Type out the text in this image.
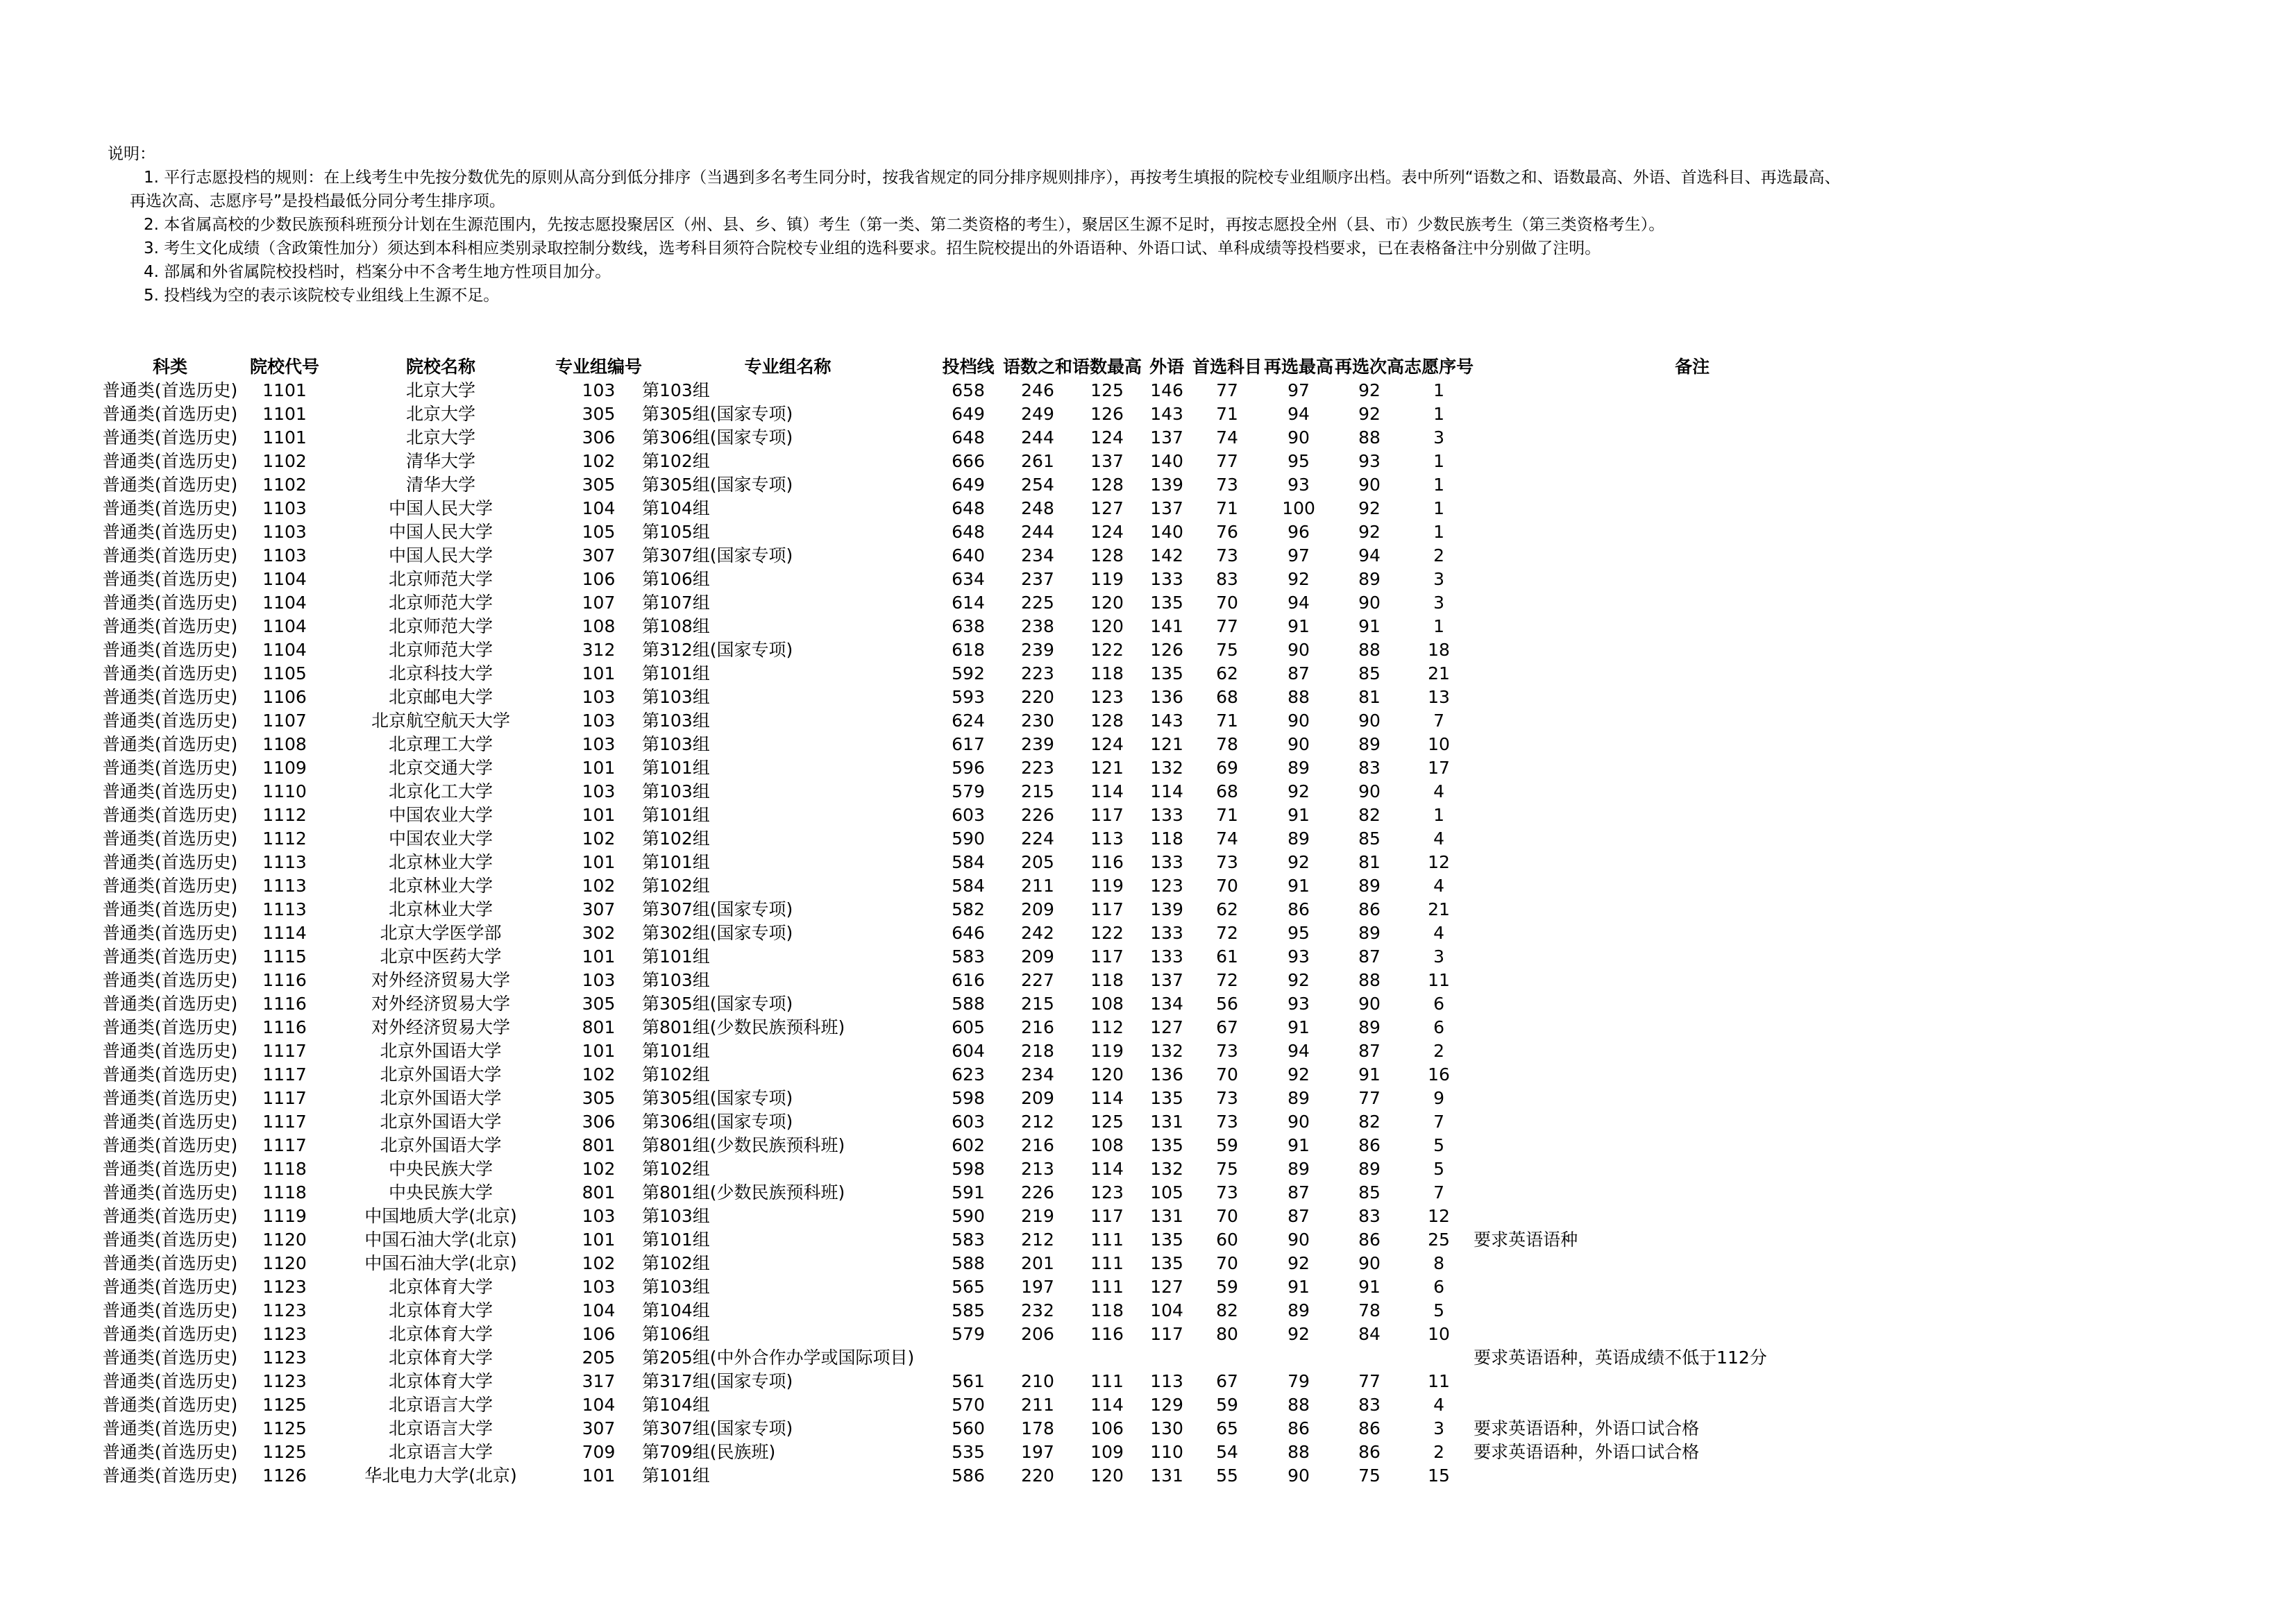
说明：
1. 平行志愿投档的规则：在上线考生中先按分数优先的原则从高分到低分排序（当遇到多名考生同分时，按我省规定的同分排序规则排序），再按考生填报的院校专业组顺序出档。表中所列“语数之和、语数最高、外语、首选科目、再选最高、
再选次高、志愿序号”是投档最低分同分考生排序项。
2. 本省属高校的少数民族预科班预分计划在生源范围内，先按志愿投聚居区（州、县、乡、镇）考生（第一类、第二类资格的考生），聚居区生源不足时，再按志愿投全州（县、市）少数民族考生（第三类资格考生）。
3. 考生文化成绩（含政策性加分）须达到本科相应类别录取控制分数线，选考科目须符合院校专业组的选科要求。招生院校提出的外语语种、外语口试、单科成绩等投档要求，已在表格备注中分别做了注明。
4. 部属和外省属院校投档时，档案分中不含考生地方性项目加分。
5. 投档线为空的表示该院校专业组线上生源不足。
科类	院校代号	院校名称	专业组编号	专业组名称	投档线	语数之和	语数最高	外语	首选科目	再选最高	再选次高	志愿序号	备注
普通类(首选历史)	1101	北京大学	103	第103组	658	246	125	146	77	97	92	1	
普通类(首选历史)	1101	北京大学	305	第305组(国家专项)	649	249	126	143	71	94	92	1	
普通类(首选历史)	1101	北京大学	306	第306组(国家专项)	648	244	124	137	74	90	88	3	
普通类(首选历史)	1102	清华大学	102	第102组	666	261	137	140	77	95	93	1	
普通类(首选历史)	1102	清华大学	305	第305组(国家专项)	649	254	128	139	73	93	90	1	
普通类(首选历史)	1103	中国人民大学	104	第104组	648	248	127	137	71	100	92	1	
普通类(首选历史)	1103	中国人民大学	105	第105组	648	244	124	140	76	96	92	1	
普通类(首选历史)	1103	中国人民大学	307	第307组(国家专项)	640	234	128	142	73	97	94	2	
普通类(首选历史)	1104	北京师范大学	106	第106组	634	237	119	133	83	92	89	3	
普通类(首选历史)	1104	北京师范大学	107	第107组	614	225	120	135	70	94	90	3	
普通类(首选历史)	1104	北京师范大学	108	第108组	638	238	120	141	77	91	91	1	
普通类(首选历史)	1104	北京师范大学	312	第312组(国家专项)	618	239	122	126	75	90	88	18	
普通类(首选历史)	1105	北京科技大学	101	第101组	592	223	118	135	62	87	85	21	
普通类(首选历史)	1106	北京邮电大学	103	第103组	593	220	123	136	68	88	81	13	
普通类(首选历史)	1107	北京航空航天大学	103	第103组	624	230	128	143	71	90	90	7	
普通类(首选历史)	1108	北京理工大学	103	第103组	617	239	124	121	78	90	89	10	
普通类(首选历史)	1109	北京交通大学	101	第101组	596	223	121	132	69	89	83	17	
普通类(首选历史)	1110	北京化工大学	103	第103组	579	215	114	114	68	92	90	4	
普通类(首选历史)	1112	中国农业大学	101	第101组	603	226	117	133	71	91	82	1	
普通类(首选历史)	1112	中国农业大学	102	第102组	590	224	113	118	74	89	85	4	
普通类(首选历史)	1113	北京林业大学	101	第101组	584	205	116	133	73	92	81	12	
普通类(首选历史)	1113	北京林业大学	102	第102组	584	211	119	123	70	91	89	4	
普通类(首选历史)	1113	北京林业大学	307	第307组(国家专项)	582	209	117	139	62	86	86	21	
普通类(首选历史)	1114	北京大学医学部	302	第302组(国家专项)	646	242	122	133	72	95	89	4	
普通类(首选历史)	1115	北京中医药大学	101	第101组	583	209	117	133	61	93	87	3	
普通类(首选历史)	1116	对外经济贸易大学	103	第103组	616	227	118	137	72	92	88	11	
普通类(首选历史)	1116	对外经济贸易大学	305	第305组(国家专项)	588	215	108	134	56	93	90	6	
普通类(首选历史)	1116	对外经济贸易大学	801	第801组(少数民族预科班)	605	216	112	127	67	91	89	6	
普通类(首选历史)	1117	北京外国语大学	101	第101组	604	218	119	132	73	94	87	2	
普通类(首选历史)	1117	北京外国语大学	102	第102组	623	234	120	136	70	92	91	16	
普通类(首选历史)	1117	北京外国语大学	305	第305组(国家专项)	598	209	114	135	73	89	77	9	
普通类(首选历史)	1117	北京外国语大学	306	第306组(国家专项)	603	212	125	131	73	90	82	7	
普通类(首选历史)	1117	北京外国语大学	801	第801组(少数民族预科班)	602	216	108	135	59	91	86	5	
普通类(首选历史)	1118	中央民族大学	102	第102组	598	213	114	132	75	89	89	5	
普通类(首选历史)	1118	中央民族大学	801	第801组(少数民族预科班)	591	226	123	105	73	87	85	7	
普通类(首选历史)	1119	中国地质大学(北京)	103	第103组	590	219	117	131	70	87	83	12	
普通类(首选历史)	1120	中国石油大学(北京)	101	第101组	583	212	111	135	60	90	86	25	要求英语语种
普通类(首选历史)	1120	中国石油大学(北京)	102	第102组	588	201	111	135	70	92	90	8	
普通类(首选历史)	1123	北京体育大学	103	第103组	565	197	111	127	59	91	91	6	
普通类(首选历史)	1123	北京体育大学	104	第104组	585	232	118	104	82	89	78	5	
普通类(首选历史)	1123	北京体育大学	106	第106组	579	206	116	117	80	92	84	10	
普通类(首选历史)	1123	北京体育大学	205	第205组(中外合作办学或国际项目)									要求英语语种，英语成绩不低于112分
普通类(首选历史)	1123	北京体育大学	317	第317组(国家专项)	561	210	111	113	67	79	77	11	
普通类(首选历史)	1125	北京语言大学	104	第104组	570	211	114	129	59	88	83	4	
普通类(首选历史)	1125	北京语言大学	307	第307组(国家专项)	560	178	106	130	65	86	86	3	要求英语语种，外语口试合格
普通类(首选历史)	1125	北京语言大学	709	第709组(民族班)	535	197	109	110	54	88	86	2	要求英语语种，外语口试合格
普通类(首选历史)	1126	华北电力大学(北京)	101	第101组	586	220	120	131	55	90	75	15	
